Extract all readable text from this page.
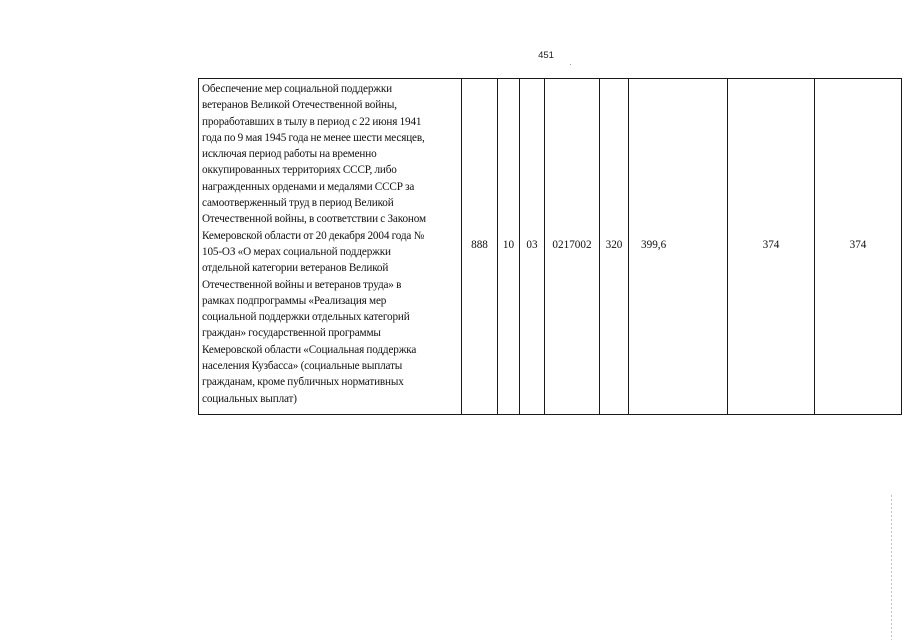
451
Обеспечение мер социальной поддержки
ветеранов Великой Отечественной войны,
проработавших в тылу в период с 22 июня 1941
года по 9 мая 1945 года не менее шести месяцев,
исключая период работы на временно
оккупированных территориях СССР, либо
награжденных орденами и медалями СССР за
самоотверженный труд в период Великой
Отечественной войны, в соответствии с Законом
Кемеровской области от 20 декабря 2004 года №
105-ОЗ «О мерах социальной поддержки
отдельной категории ветеранов Великой
Отечественной войны и ветеранов труда» в
рамках подпрограммы «Реализация мер
социальной поддержки отдельных категорий
граждан» государственной программы
Кемеровской области «Социальная поддержка
населения Кузбасса» (социальные выплаты
гражданам, кроме публичных нормативных
социальных выплат)
	888	10	03	0217002	320	399,6	374	374
